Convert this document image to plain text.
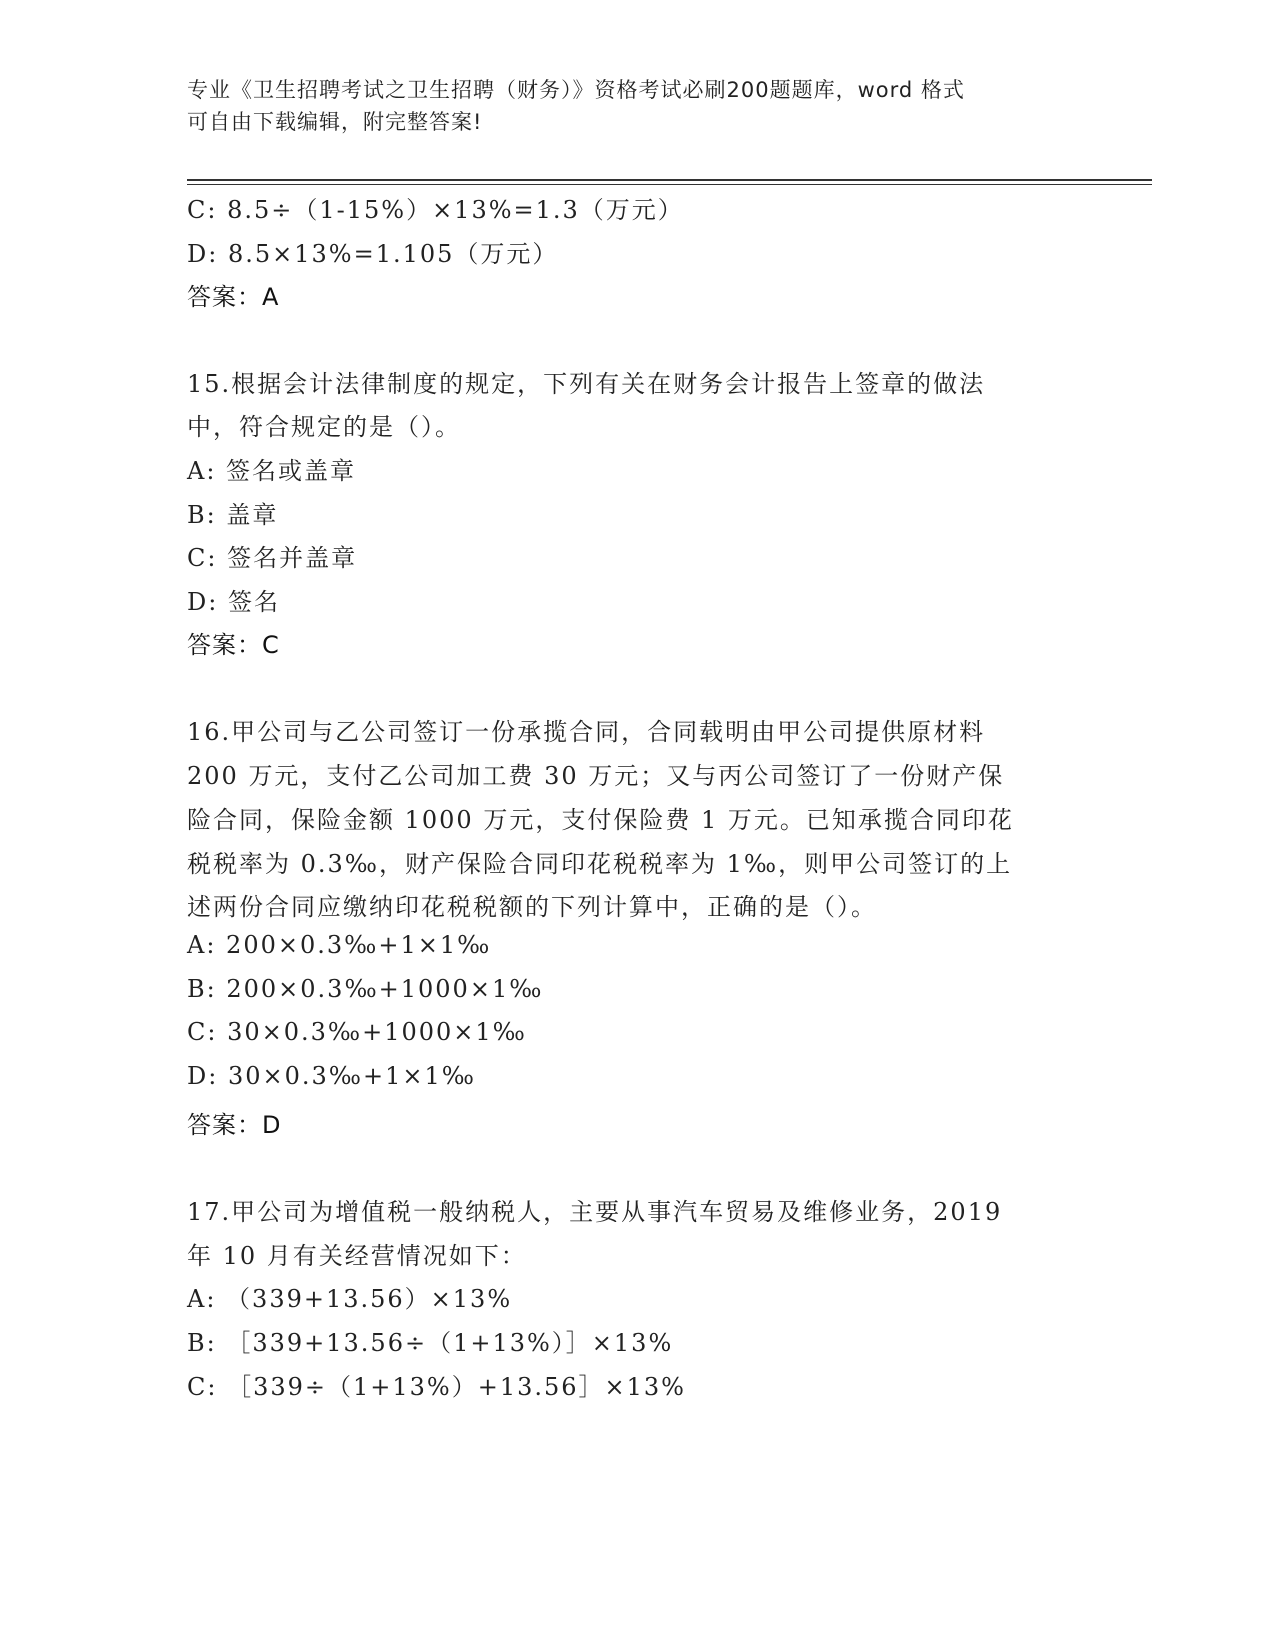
专业《卫生招聘考试之卫生招聘（财务）》资格考试必刷200题题库，word 格式
可自由下载编辑，附完整答案!
C: 8.5÷（1-15%）×13%=1.3（万元）
D: 8.5×13%=1.105（万元）
答案：A
15.根据会计法律制度的规定，下列有关在财务会计报告上签章的做法
中，符合规定的是（）。
A: 签名或盖章
B: 盖章
C: 签名并盖章
D: 签名
答案：C
16.甲公司与乙公司签订一份承揽合同，合同载明由甲公司提供原材料
200 万元，支付乙公司加工费 30 万元；又与丙公司签订了一份财产保
险合同，保险金额 1000 万元，支付保险费 1 万元。已知承揽合同印花
税税率为 0.3‰，财产保险合同印花税税率为 1‰，则甲公司签订的上
述两份合同应缴纳印花税税额的下列计算中，正确的是（）。
A: 200×0.3‰+1×1‰
B: 200×0.3‰+1000×1‰
C: 30×0.3‰+1000×1‰
D: 30×0.3‰+1×1‰
答案：D
17.甲公司为增值税一般纳税人，主要从事汽车贸易及维修业务，2019
年 10 月有关经营情况如下：
A: （339+13.56）×13%
B: ［339+13.56÷（1+13%）］×13%
C: ［339÷（1+13%）+13.56］×13%
